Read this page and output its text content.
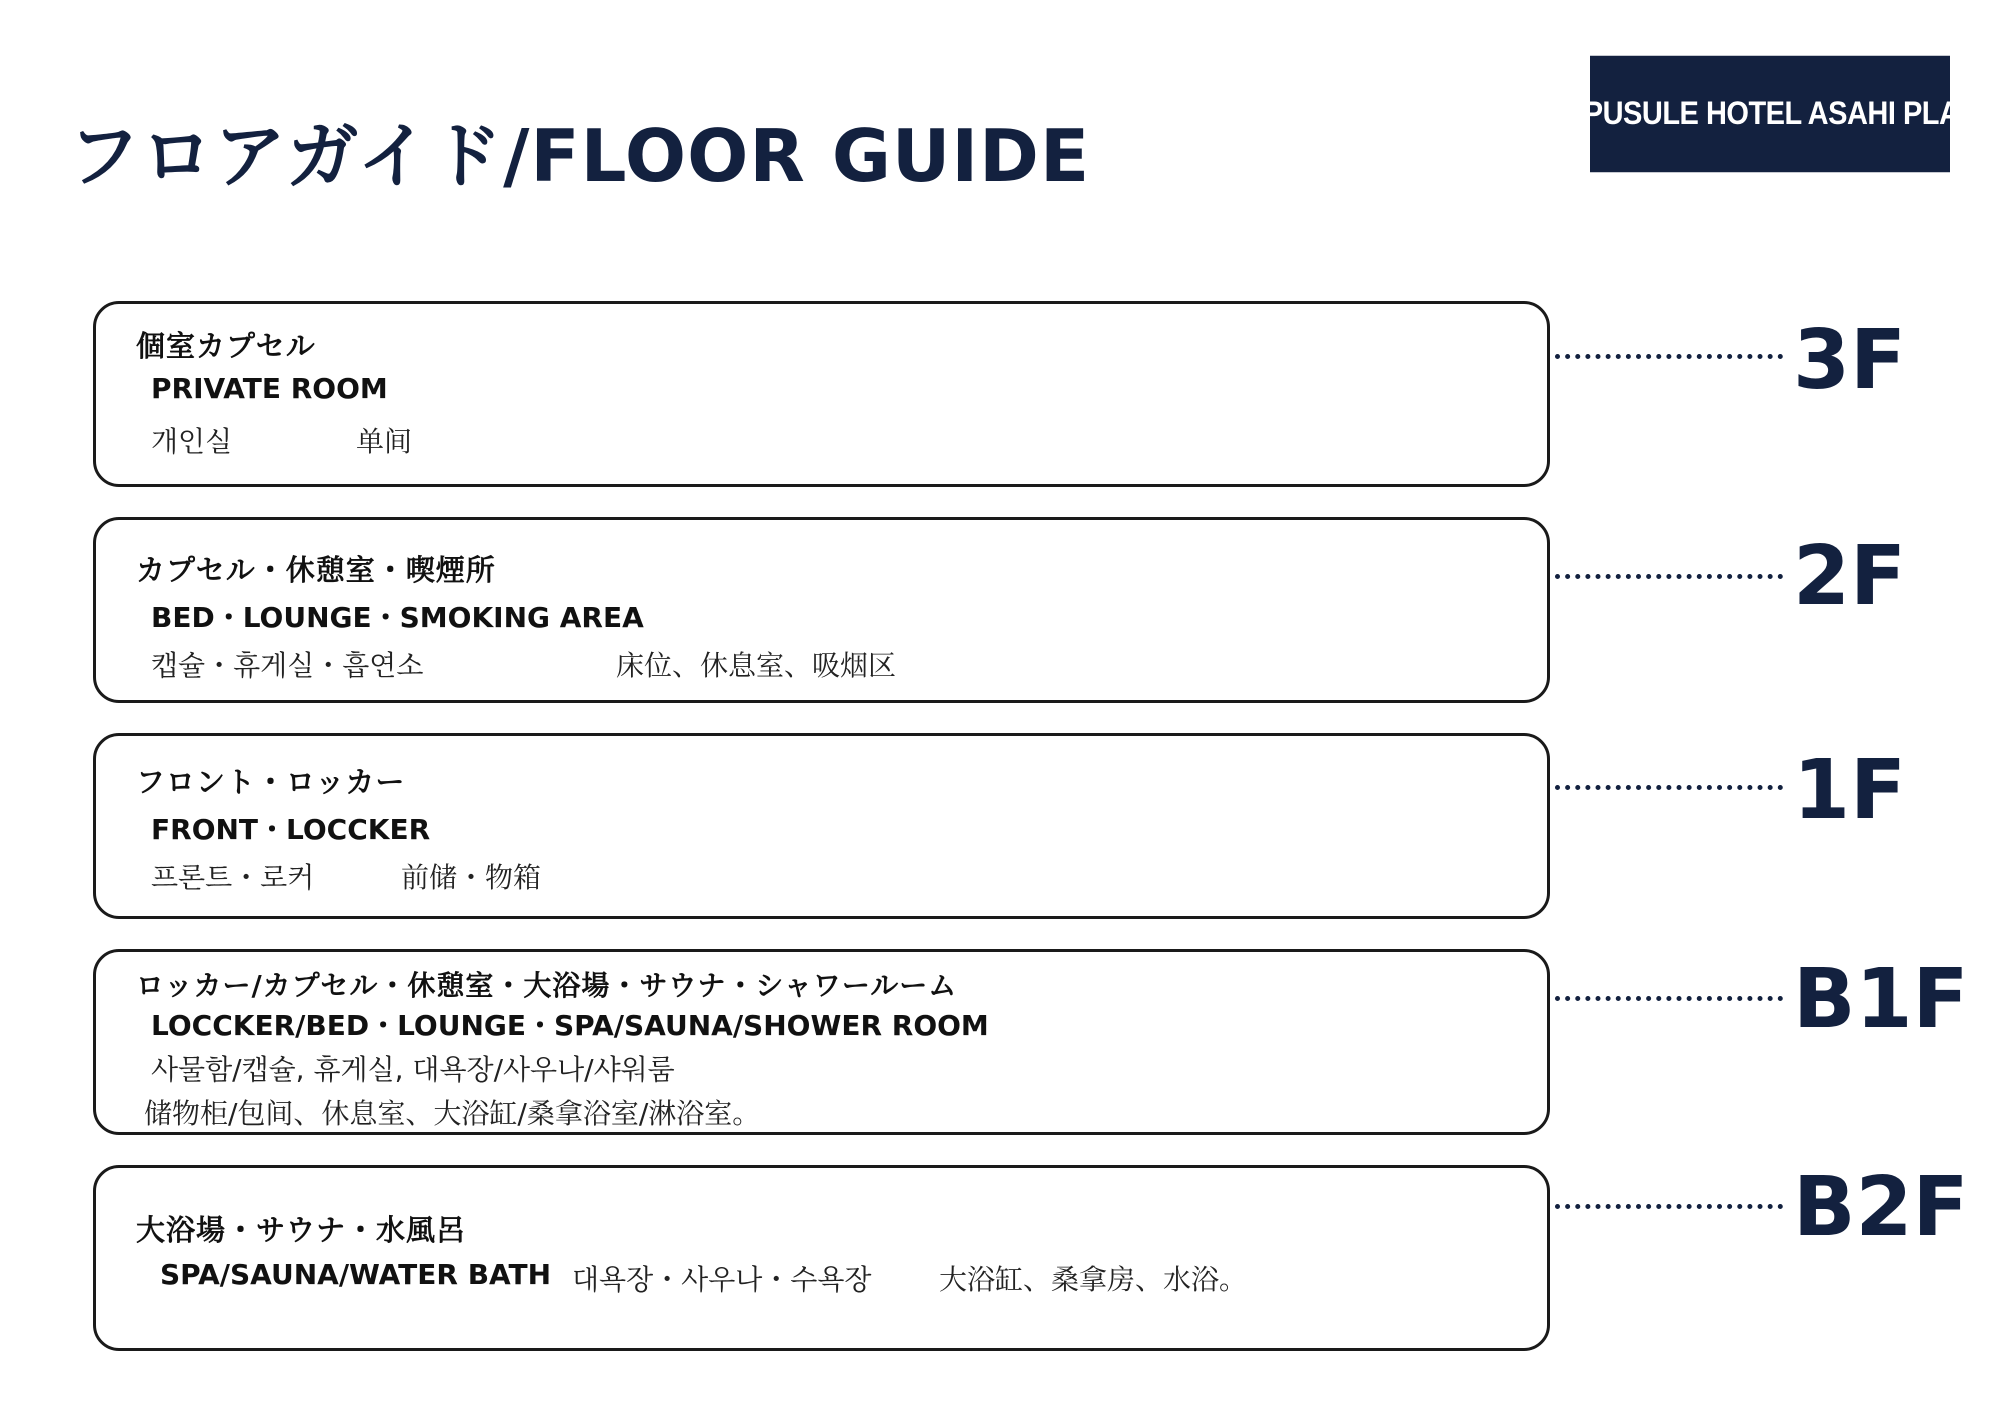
フロアガイド/FLOOR GUIDE
CAPUSULE HOTEL ASAHI PLAZA
個室カプセル
PRIVATE ROOM
개인실	单间
3F
カプセル・休憩室・喫煙所
BED・LOUNGE・SMOKING AREA
캡슐・휴게실・흡연소	床位、休息室、吸烟区
2F
フロント・ロッカー
FRONT・LOCCKER
프론트・로커	前储・物箱
1F
ロッカー/カプセル・休憩室・大浴場・サウナ・シャワールーム
LOCCKER/BED・LOUNGE・SPA/SAUNA/SHOWER ROOM
사물함/캡슐, 휴게실, 대욕장/사우나/샤워룸
储物柜/包间、休息室、大浴缸/桑拿浴室/淋浴室。
B1F
大浴場・サウナ・水風呂
SPA/SAUNA/WATER BATH 대욕장・사우나・수욕장 大浴缸、桑拿房、水浴。
B2F
